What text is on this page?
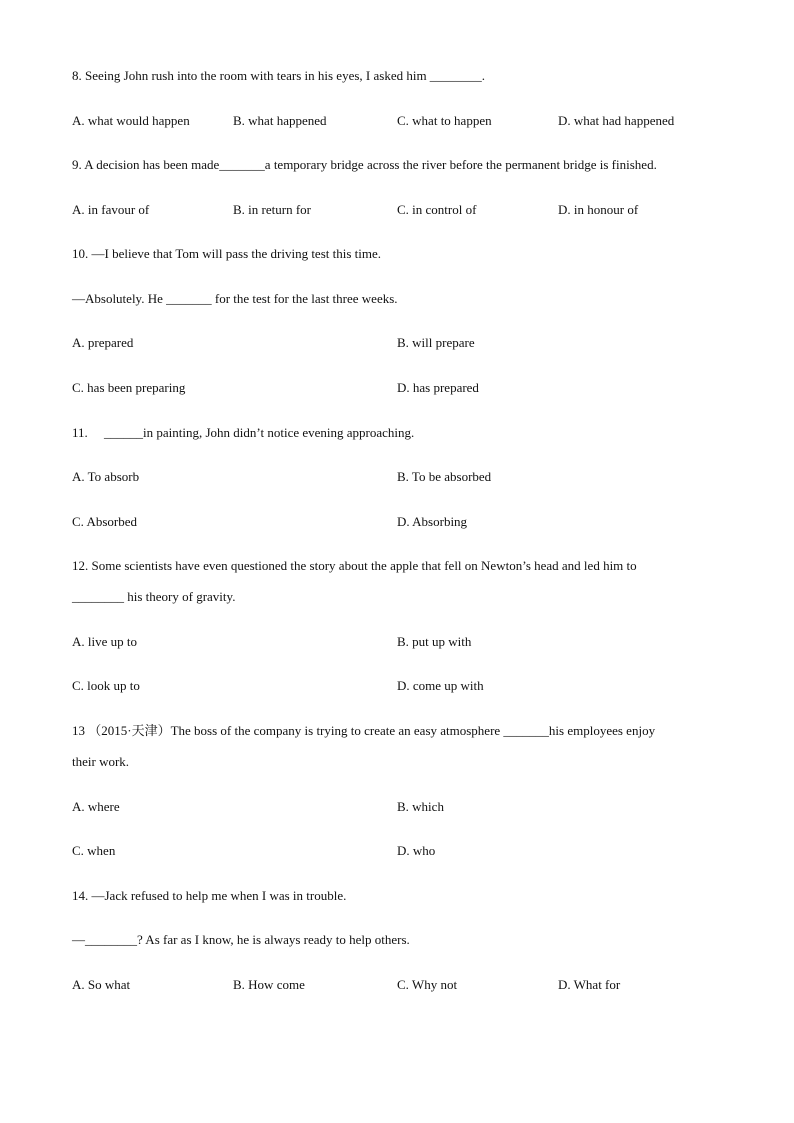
8. Seeing John rush into the room with tears in his eyes, I asked him ________.
A. what would happen	B. what happened	C. what to happen	D. what had happened
9. A decision has been made_______a temporary bridge across the river before the permanent bridge is finished.
A. in favour of	B. in return for	C. in control of	D. in honour of
10. —I believe that Tom will pass the driving test this time.
—Absolutely. He _______ for the test for the last three weeks.
A. prepared	B. will prepare
C. has been preparing	D. has prepared
11.     ______in painting, John didn’t notice evening approaching.
A. To absorb	B. To be absorbed
C. Absorbed	D. Absorbing
12. Some scientists have even questioned the story about the apple that fell on Newton’s head and led him to
________ his theory of gravity.
A. live up to	B. put up with
C. look up to	D. come up with
13 （2015·天津）The boss of the company is trying to create an easy atmosphere _______his employees enjoy
their work.
A. where	B. which
C. when	D. who
14. —Jack refused to help me when I was in trouble.
—________? As far as I know, he is always ready to help others.
A. So what	B. How come	C. Why not	D. What for
